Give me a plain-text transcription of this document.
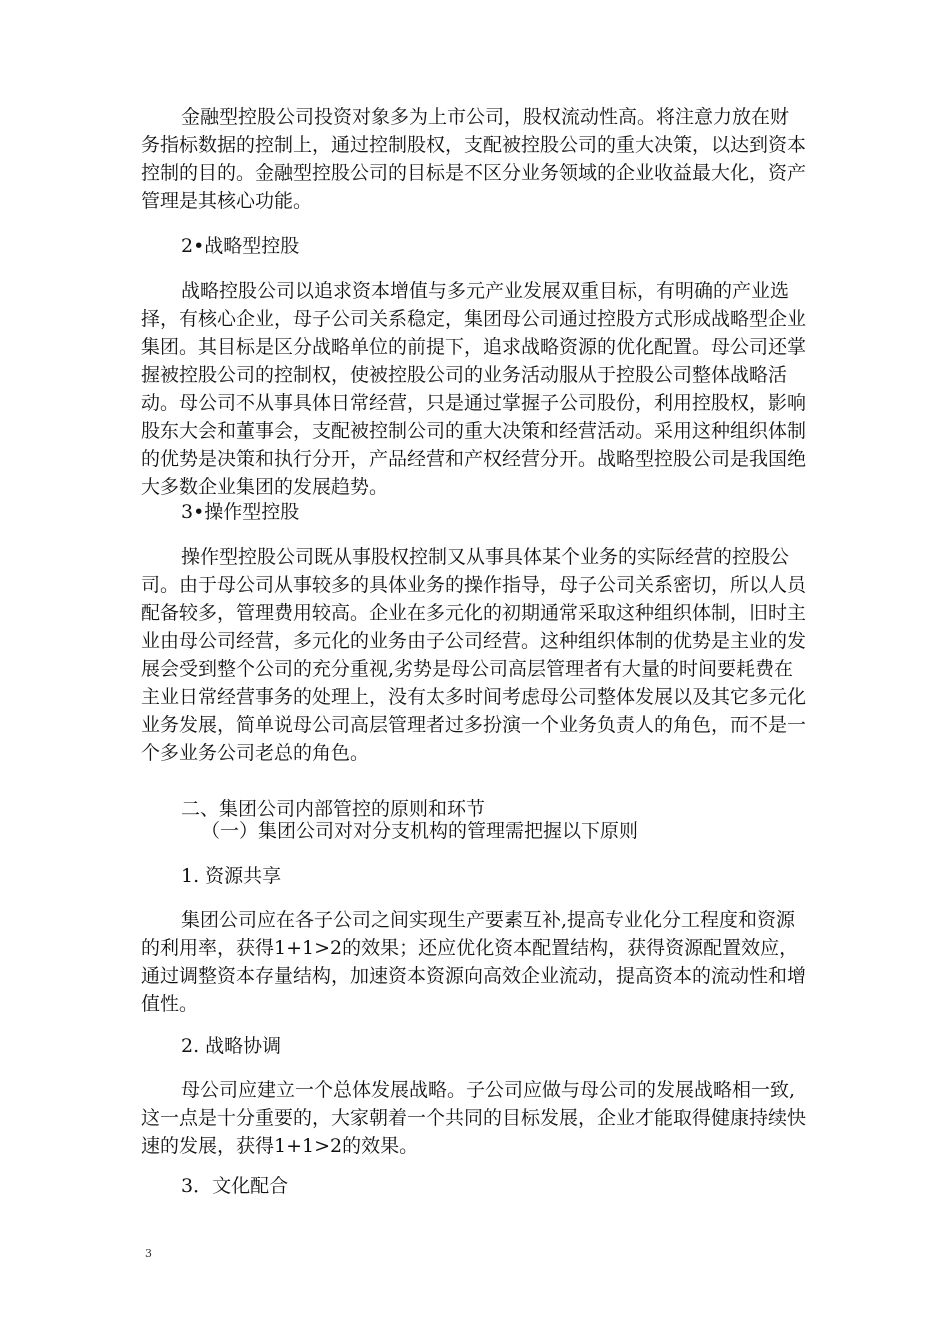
金融型控股公司投资对象多为上市公司，股权流动性高。将注意力放在财务指标数据的控制上，通过控制股权，支配被控股公司的重大决策，以达到资本控制的目的。金融型控股公司的目标是不区分业务领域的企业收益最大化，资产管理是其核心功能。

2•战略型控股

战略控股公司以追求资本增值与多元产业发展双重目标，有明确的产业选择，有核心企业，母子公司关系稳定，集团母公司通过控股方式形成战略型企业集团。其目标是区分战略单位的前提下，追求战略资源的优化配置。母公司还掌握被控股公司的控制权，使被控股公司的业务活动服从于控股公司整体战略活动。母公司不从事具体日常经营，只是通过掌握子公司股份，利用控股权，影响股东大会和董事会，支配被控制公司的重大决策和经营活动。采用这种组织体制的优势是决策和执行分开，产品经营和产权经营分开。战略型控股公司是我国绝大多数企业集团的发展趋势。

3•操作型控股

操作型控股公司既从事股权控制又从事具体某个业务的实际经营的控股公司。由于母公司从事较多的具体业务的操作指导，母子公司关系密切，所以人员配备较多，管理费用较高。企业在多元化的初期通常采取这种组织体制，旧时主业由母公司经营，多元化的业务由子公司经营。这种组织体制的优势是主业的发展会受到整个公司的充分重视,劣势是母公司高层管理者有大量的时间要耗费在主业日常经营事务的处理上，没有太多时间考虑母公司整体发展以及其它多元化业务发展，简单说母公司高层管理者过多扮演一个业务负责人的角色，而不是一个多业务公司老总的角色。

二、集团公司内部管控的原则和环节

（一）集团公司对对分支机构的管理需把握以下原则

1. 资源共享

集团公司应在各子公司之间实现生产要素互补,提高专业化分工程度和资源的利用率，获得1+1>2的效果；还应优化资本配置结构，获得资源配置效应，通过调整资本存量结构，加速资本资源向高效企业流动，提高资本的流动性和增值性。

2. 战略协调

母公司应建立一个总体发展战略。子公司应做与母公司的发展战略相一致,这一点是十分重要的，大家朝着一个共同的目标发展，企业才能取得健康持续快速的发展，获得1+1>2的效果。

3．文化配合

3
